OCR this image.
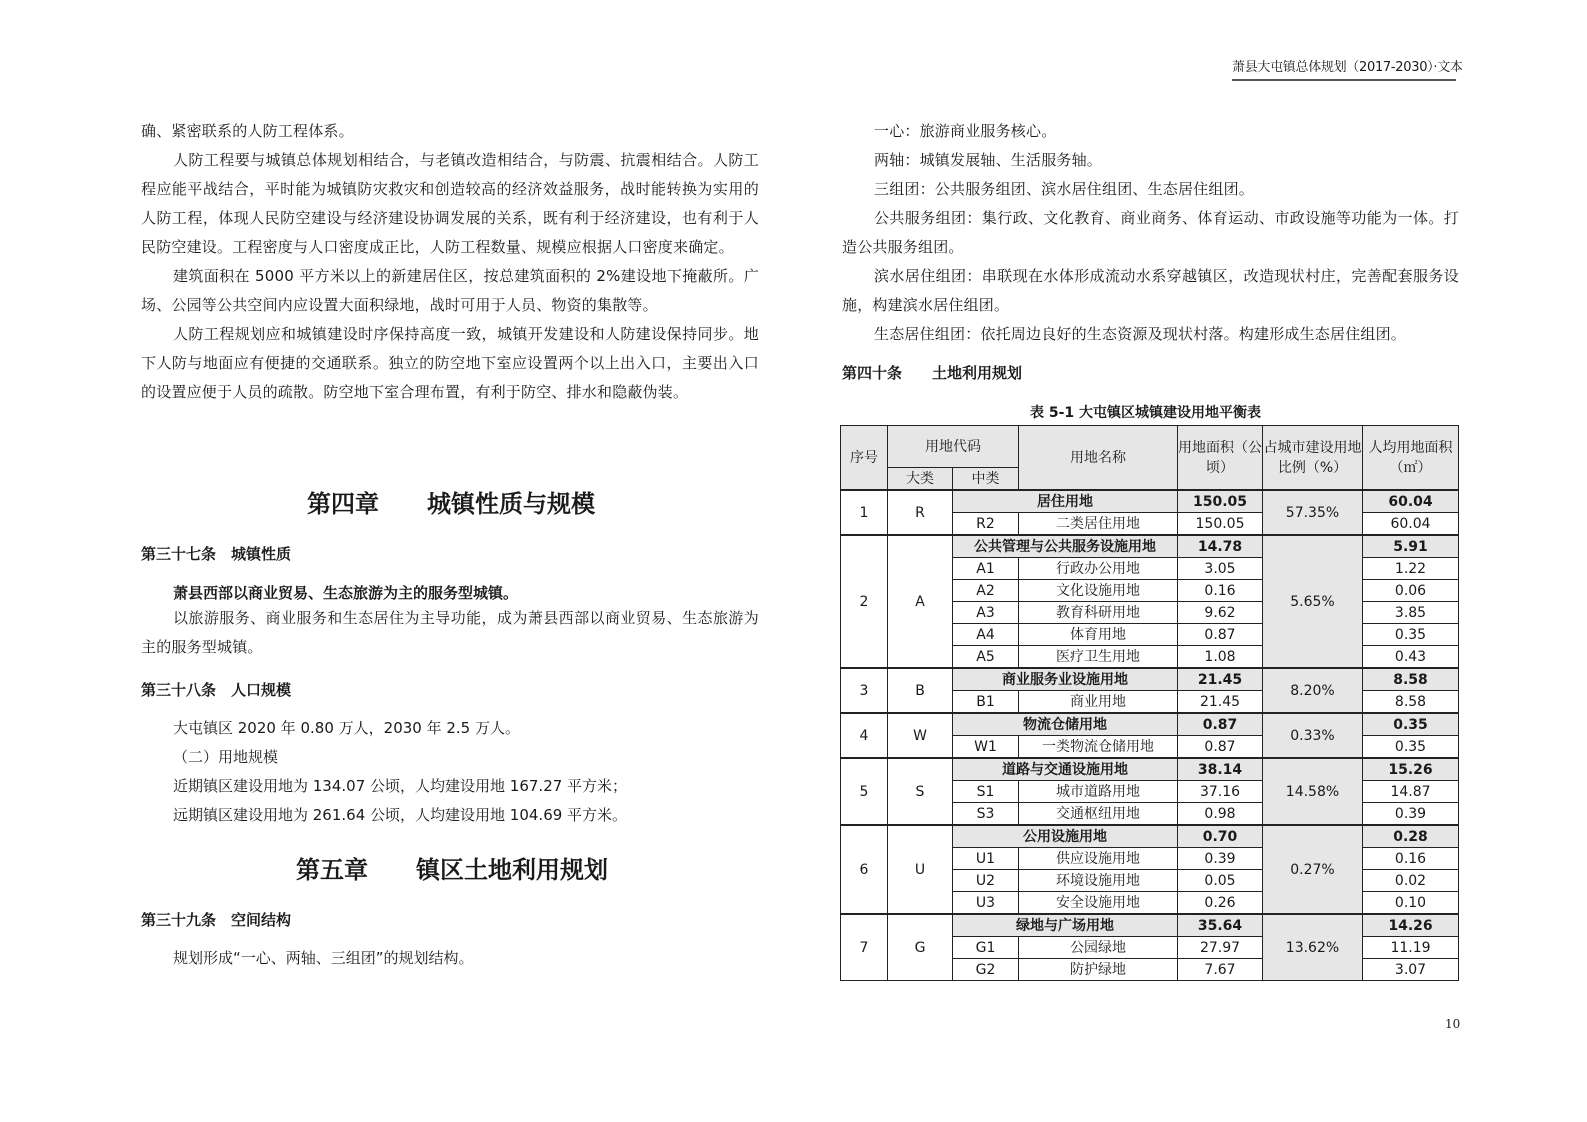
萧县大屯镇总体规划（2017-2030）·文本

确、紧密联系的人防工程体系。

人防工程要与城镇总体规划相结合，与老镇改造相结合，与防震、抗震相结合。人防工程应能平战结合，平时能为城镇防灾救灾和创造较高的经济效益服务，战时能转换为实用的人防工程，体现人民防空建设与经济建设协调发展的关系，既有利于经济建设，也有利于人民防空建设。工程密度与人口密度成正比，人防工程数量、规模应根据人口密度来确定。

建筑面积在 5000 平方米以上的新建居住区，按总建筑面积的 2%建设地下掩蔽所。广场、公园等公共空间内应设置大面积绿地，战时可用于人员、物资的集散等。

人防工程规划应和城镇建设时序保持高度一致，城镇开发建设和人防建设保持同步。地下人防与地面应有便捷的交通联系。独立的防空地下室应设置两个以上出入口，主要出入口的设置应便于人员的疏散。防空地下室合理布置，有利于防空、排水和隐蔽伪装。

第四章　　城镇性质与规模
第三十七条　城镇性质
萧县西部以商业贸易、生态旅游为主的服务型城镇。

以旅游服务、商业服务和生态居住为主导功能，成为萧县西部以商业贸易、生态旅游为主的服务型城镇。

第三十八条　人口规模
大屯镇区 2020 年 0.80 万人，2030 年 2.5 万人。
（二）用地规模
近期镇区建设用地为 134.07 公顷，人均建设用地 167.27 平方米；
远期镇区建设用地为 261.64 公顷，人均建设用地 104.69 平方米。
第五章　　镇区土地利用规划
第三十九条　空间结构
规划形成“一心、两轴、三组团”的规划结构。

一心：旅游商业服务核心。

两轴：城镇发展轴、生活服务轴。

三组团：公共服务组团、滨水居住组团、生态居住组团。

公共服务组团：集行政、文化教育、商业商务、体育运动、市政设施等功能为一体。打造公共服务组团。

滨水居住组团：串联现在水体形成流动水系穿越镇区，改造现状村庄，完善配套服务设施，构建滨水居住组团。

生态居住组团：依托周边良好的生态资源及现状村落。构建形成生态居住组团。

第四十条　　土地利用规划
表 5-1 大屯镇区城镇建设用地平衡表
序号	用地代码		用地名称	用地面积（公顷）	占城市建设用地比例（%）	人均用地面积（㎡）
	大类	中类				
1	R	居住用地		150.05	57.35%	60.04
		R2	二类居住用地	150.05		60.04
2	A	公共管理与公共服务设施用地		14.78	5.65%	5.91
		A1	行政办公用地	3.05		1.22
		A2	文化设施用地	0.16		0.06
		A3	教育科研用地	9.62		3.85
		A4	体育用地	0.87		0.35
		A5	医疗卫生用地	1.08		0.43
3	B	商业服务业设施用地		21.45	8.20%	8.58
		B1	商业用地	21.45		8.58
4	W	物流仓储用地		0.87	0.33%	0.35
		W1	一类物流仓储用地	0.87		0.35
5	S	道路与交通设施用地		38.14	14.58%	15.26
		S1	城市道路用地	37.16		14.87
		S3	交通枢纽用地	0.98		0.39
6	U	公用设施用地		0.70	0.27%	0.28
		U1	供应设施用地	0.39		0.16
		U2	环境设施用地	0.05		0.02
		U3	安全设施用地	0.26		0.10
7	G	绿地与广场用地		35.64	13.62%	14.26
		G1	公园绿地	27.97		11.19
		G2	防护绿地	7.67		3.07
10
